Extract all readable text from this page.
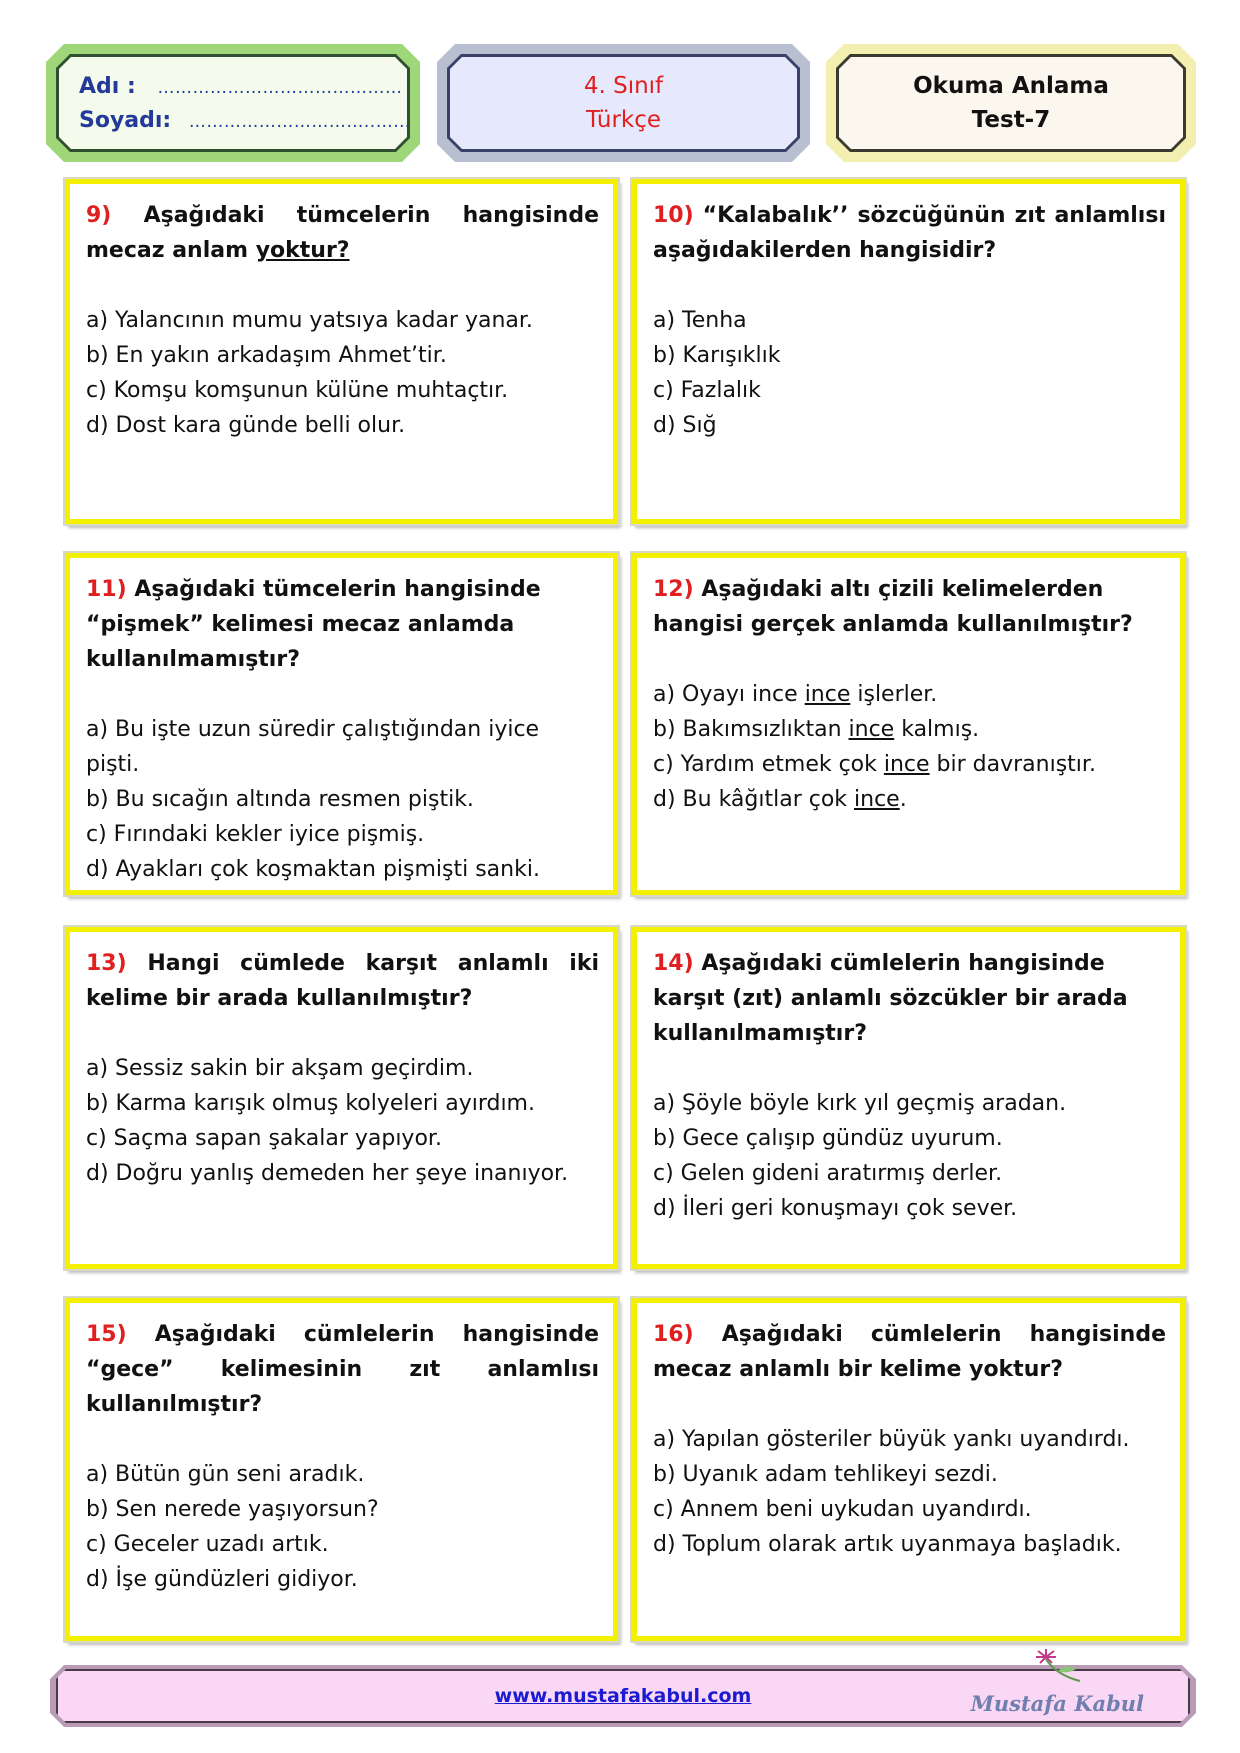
Adı : ……………………………………
Soyadı: …………………………..……
4. Sınıf
Türkçe
Okuma Anlama
Test-7
9) Aşağıdaki tümcelerin hangisinde mecaz anlam yoktur?
a) Yalancının mumu yatsıya kadar yanar.
b) En yakın arkadaşım Ahmet’tir.
c) Komşu komşunun külüne muhtaçtır.
d) Dost kara günde belli olur.
10) “Kalabalık’’ sözcüğünün zıt anlamlısı aşağıdakilerden hangisidir?
a) Tenha
b) Karışıklık
c) Fazlalık
d) Sığ
11) Aşağıdaki tümcelerin hangisinde “pişmek” kelimesi mecaz anlamda kullanılmamıştır?
a) Bu işte uzun süredir çalıştığından iyice pişti.
b) Bu sıcağın altında resmen piştik.
c) Fırındaki kekler iyice pişmiş.
d) Ayakları çok koşmaktan pişmişti sanki.
12) Aşağıdaki altı çizili kelimelerden hangisi gerçek anlamda kullanılmıştır?
a) Oyayı ince ince işlerler.
b) Bakımsızlıktan ince kalmış.
c) Yardım etmek çok ince bir davranıştır.
d) Bu kâğıtlar çok ince.
13) Hangi cümlede karşıt anlamlı iki kelime bir arada kullanılmıştır?
a) Sessiz sakin bir akşam geçirdim.
b) Karma karışık olmuş kolyeleri ayırdım.
c) Saçma sapan şakalar yapıyor.
d) Doğru yanlış demeden her şeye inanıyor.
14) Aşağıdaki cümlelerin hangisinde karşıt (zıt) anlamlı sözcükler bir arada kullanılmamıştır?
a) Şöyle böyle kırk yıl geçmiş aradan.
b) Gece çalışıp gündüz uyurum.
c) Gelen gideni aratırmış derler.
d) İleri geri konuşmayı çok sever.
15) Aşağıdaki cümlelerin hangisinde “gece” kelimesinin zıt anlamlısı kullanılmıştır?
a) Bütün gün seni aradık.
b) Sen nerede yaşıyorsun?
c) Geceler uzadı artık.
d) İşe gündüzleri gidiyor.
16) Aşağıdaki cümlelerin hangisinde mecaz anlamlı bir kelime yoktur?
a) Yapılan gösteriler büyük yankı uyandırdı.
b) Uyanık adam tehlikeyi sezdi.
c) Annem beni uykudan uyandırdı.
d) Toplum olarak artık uyanmaya başladık.
www.mustafakabul.com	Mustafa Kabul
